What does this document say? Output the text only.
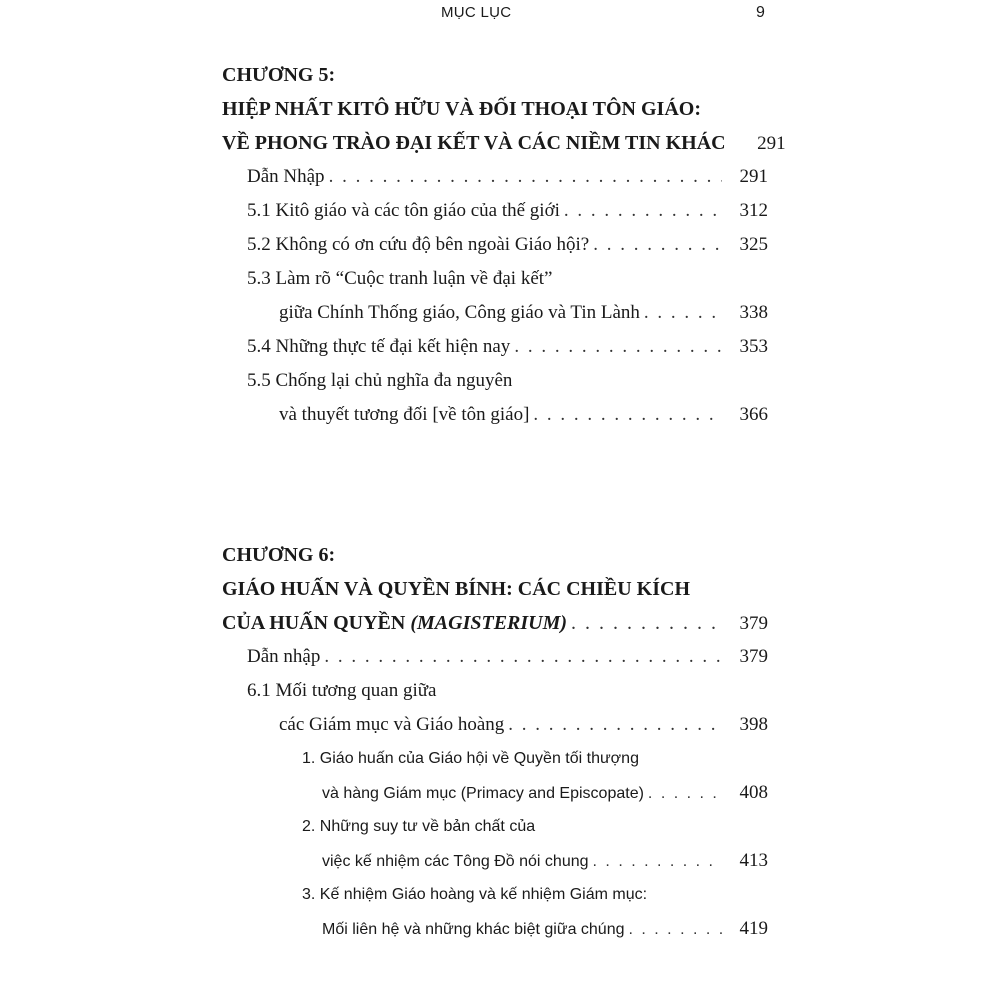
MỤC LỤC	9
CHƯƠNG 5:
HIỆP NHẤT KITÔ HỮU VÀ ĐỐI THOẠI TÔN GIÁO:
VỀ PHONG TRÀO ĐẠI KẾT VÀ CÁC NIỀM TIN KHÁC	291
Dẫn Nhập . . .	291
5.1 Kitô giáo và các tôn giáo của thế giới . . .	312
5.2 Không có ơn cứu độ bên ngoài Giáo hội? . . .	325
5.3 Làm rõ “Cuộc tranh luận về đại kết”
giữa Chính Thống giáo, Công giáo và Tin Lành . . .	338
5.4 Những thực tế đại kết hiện nay . . .	353
5.5 Chống lại chủ nghĩa đa nguyên
và thuyết tương đối [về tôn giáo] . . .	366
CHƯƠNG 6:
GIÁO HUẤN VÀ QUYỀN BÍNH: CÁC CHIỀU KÍCH
CỦA HUẤN QUYỀN (MAGISTERIUM) . . .	379
Dẫn nhập . . .	379
6.1 Mối tương quan giữa
các Giám mục và Giáo hoàng . . .	398
1. Giáo huấn của Giáo hội về Quyền tối thượng
và hàng Giám mục (Primacy and Episcopate) . . .	408
2. Những suy tư về bản chất của
việc kế nhiệm các Tông Đồ nói chung . . .	413
3. Kế nhiệm Giáo hoàng và kế nhiệm Giám mục:
Mối liên hệ và những khác biệt giữa chúng . . .	419
